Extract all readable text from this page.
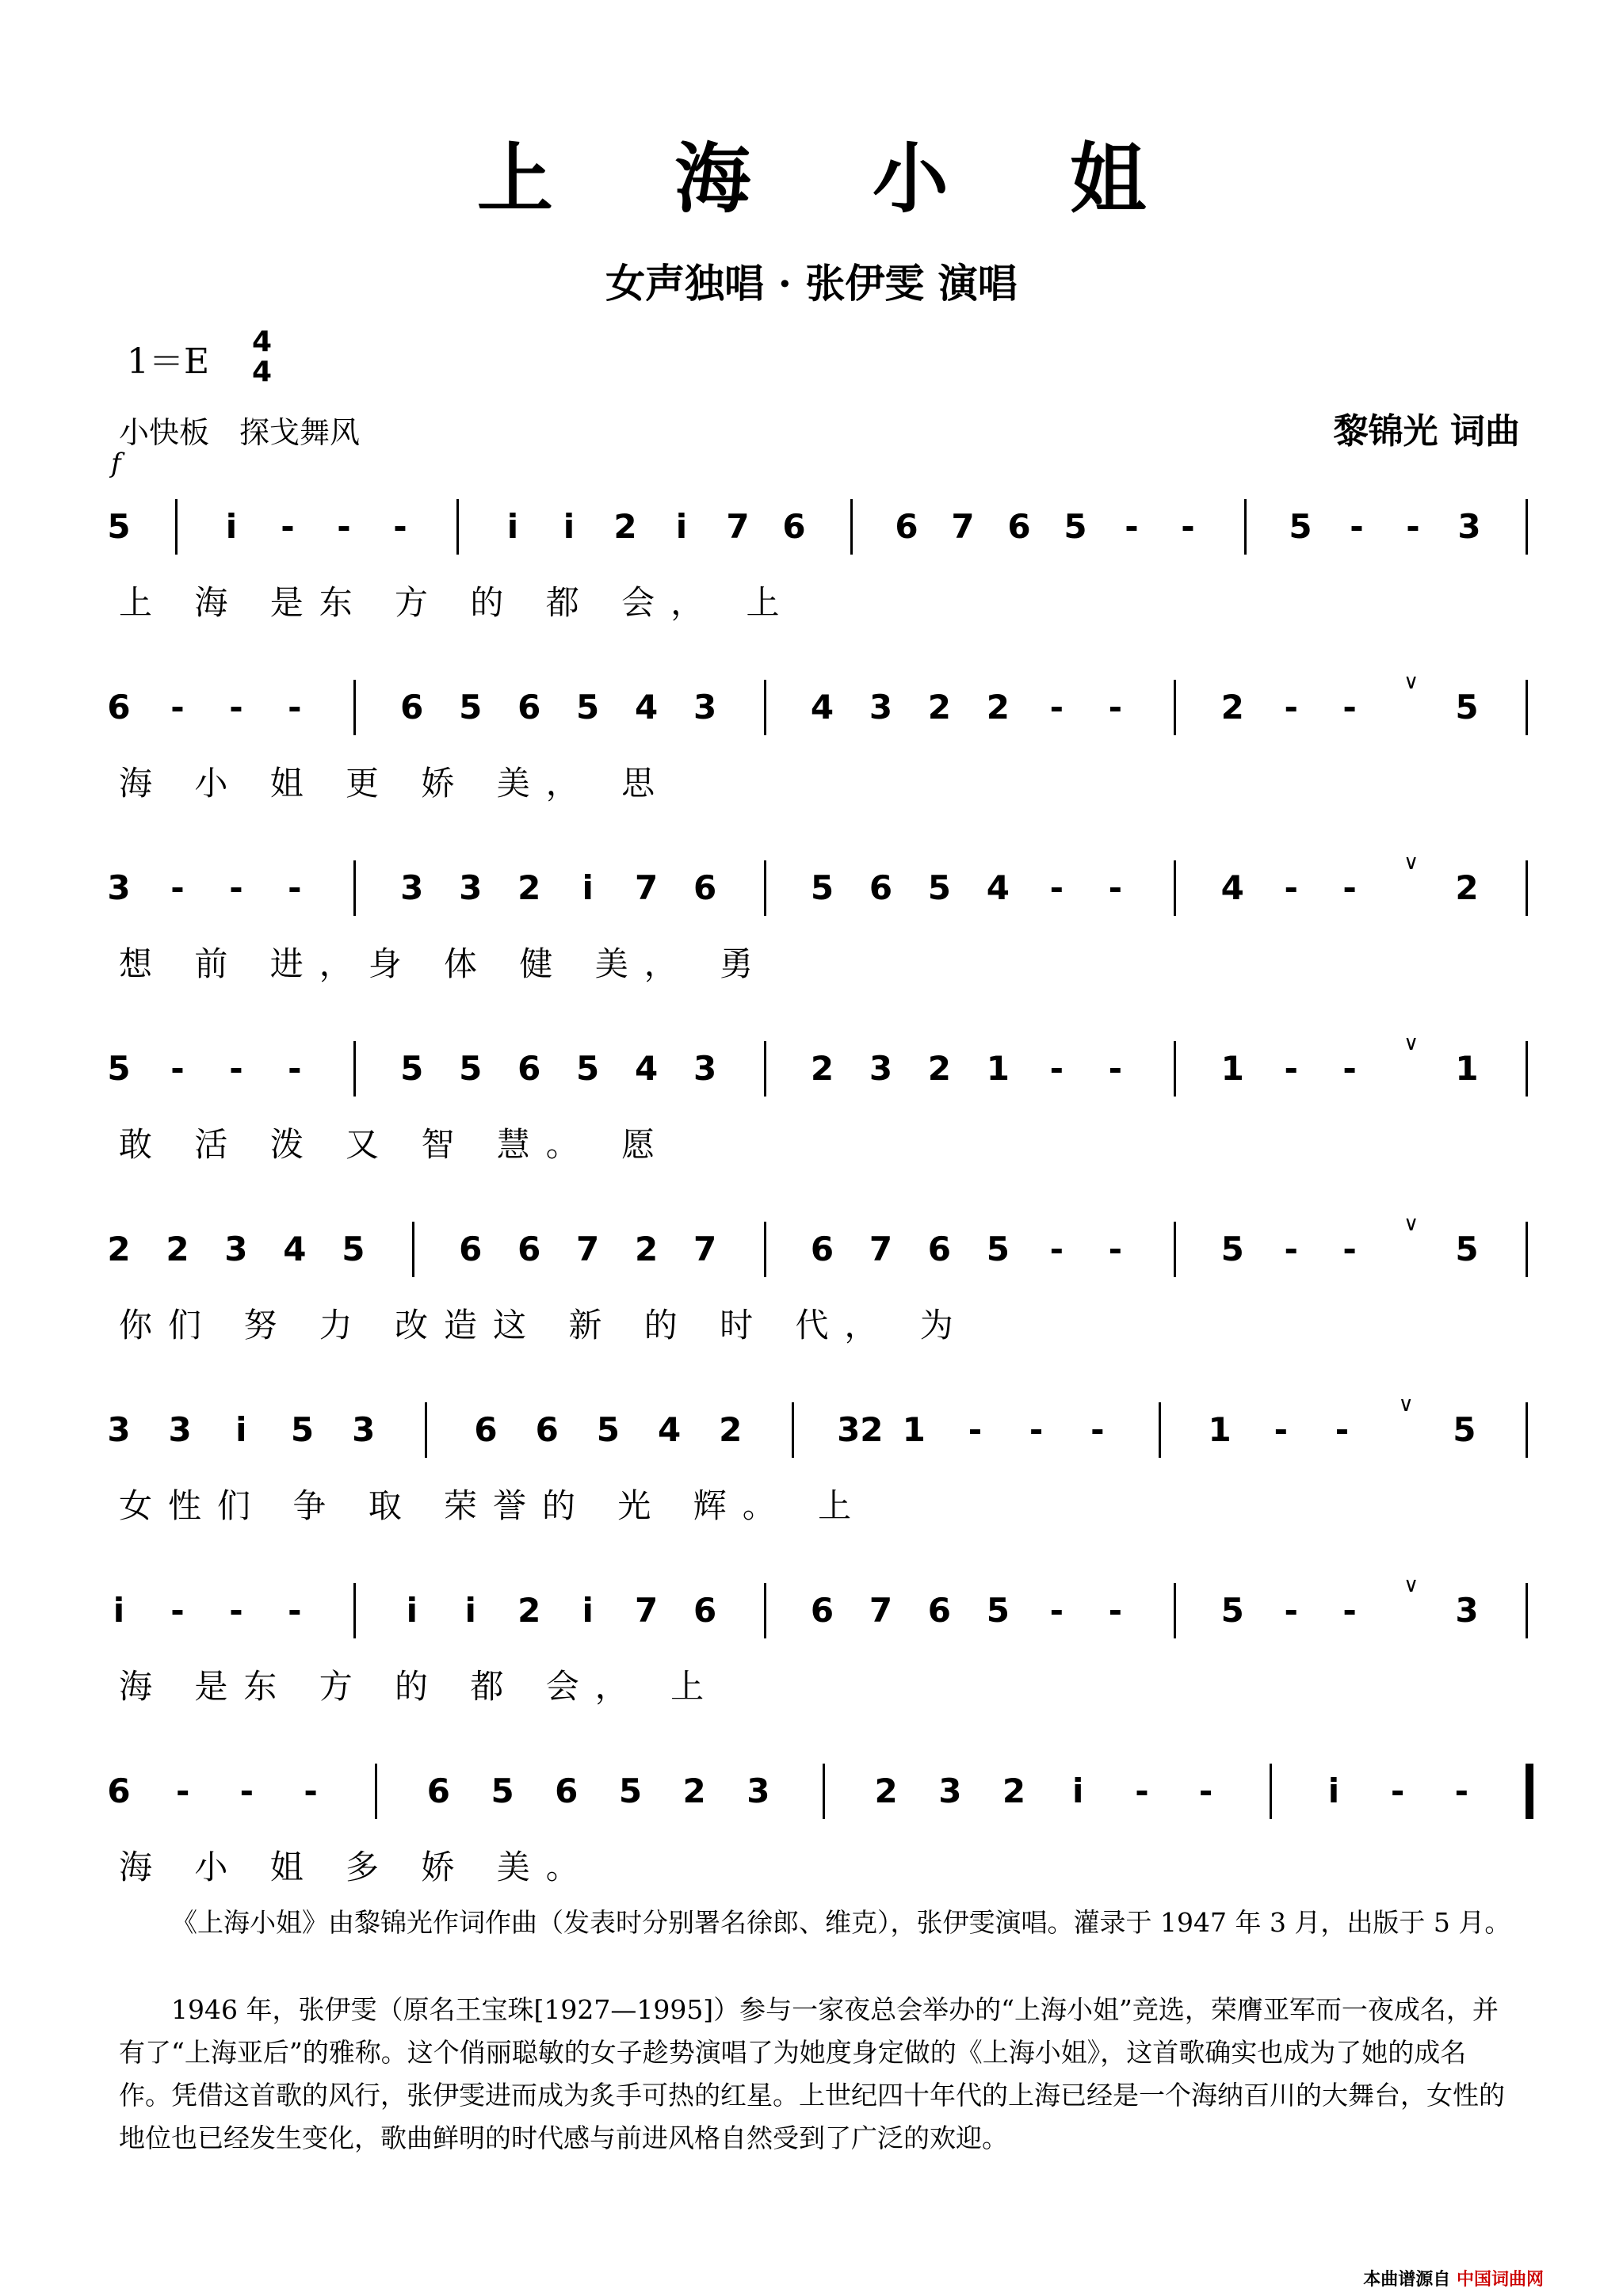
上 海 小 姐
女声独唱 · 张伊雯 演唱
1＝E 4
4
小快板　探戈舞风	黎锦光 词曲
f
5	i	- - -	i	i	2	i	7 6	6 7 6 5 - -	5 - - 3
上 海 是东 方 的 都 会， 上
6 - - -	6 5 6 5 4 3	4 3 2 2 - -	2 - -
∨
5
海 小 姐 更 娇 美， 思
3 - - -	3 3 2	i	7 6	5 6 5 4 - -	4 - -
∨
2
想 前 进，身 体 健 美， 勇
5 - - -	5 5 6 5 4 3	2 3 2 1 - -	1 - -
∨
1
敢 活 泼 又 智 慧。 愿
2 2 3 4 5	6 6 7 2 7	6 7 6 5 - -	5 - -
∨
5
你们 努 力 改造这 新 的 时 代， 为
3 3	i	5 3	6 6 5 4 2	32 1 - - -	1 - -
∨
5
女性们 争 取 荣誉的 光 辉。 上
i	- - -	i	i	2	i	7 6	6 7 6 5 - -	5 - -
∨
3
海 是东 方 的 都 会， 上
6 - - -	6 5 6 5 2 3	2 3 2	i	- -	i	- -
海 小 姐 多 娇 美。

《上海小姐》由黎锦光作词作曲（发表时分别署名徐郎、维克），张伊雯演唱。灌录于 1947 年 3 月，出版于 5 月。

1946 年，张伊雯（原名王宝珠[1927—1995]）参与一家夜总会举办的“上海小姐”竞选，荣膺亚军而一夜成名，并有了“上海亚后”的雅称。这个俏丽聪敏的女子趁势演唱了为她度身定做的《上海小姐》，这首歌确实也成为了她的成名作。凭借这首歌的风行，张伊雯进而成为炙手可热的红星。上世纪四十年代的上海已经是一个海纳百川的大舞台，女性的地位也已经发生变化，歌曲鲜明的时代感与前进风格自然受到了广泛的欢迎。

本曲谱源自 中国词曲网
